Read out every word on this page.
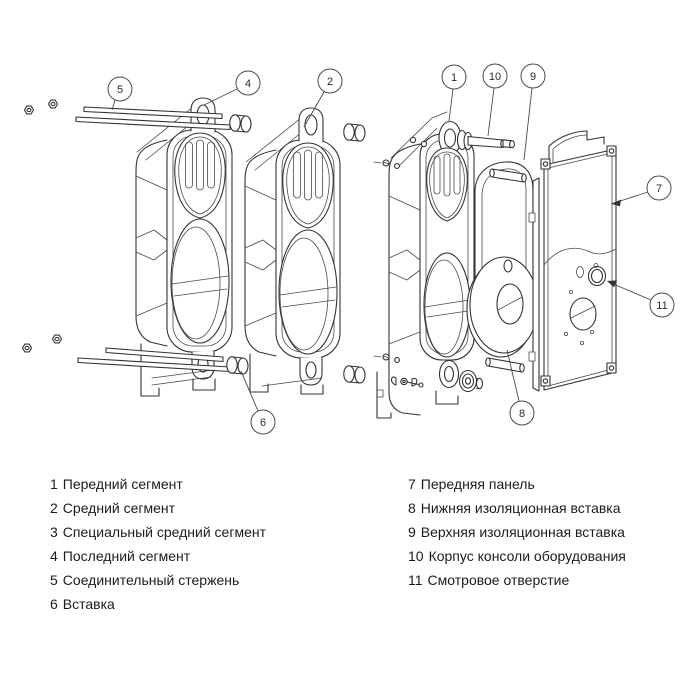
5	4	2	1	10	9
7
11
8
6
1 Передний сегмент
2 Средний сегмент
3 Специальный средний сегмент
4 Последний сегмент
5 Соединительный стержень
6 Вставка
7 Передняя панель
8 Нижняя изоляционная вставка
9 Верхняя изоляционная вставка
10 Корпус консоли оборудования
11 Смотровое отверстие
